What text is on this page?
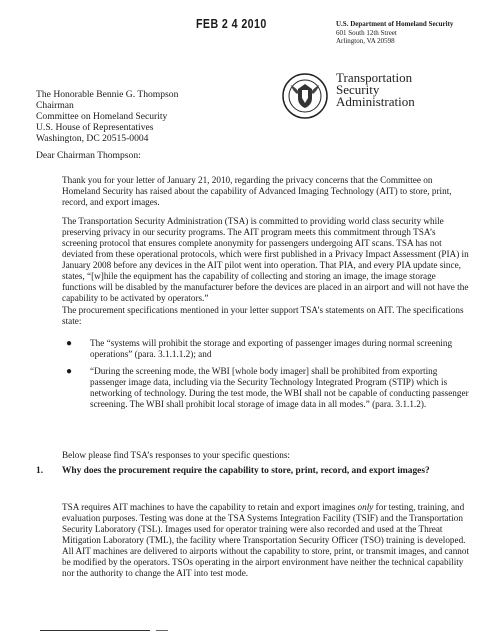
FEB 2 4 2010	U.S. Department of Homeland Security
601 South 12th Street
Arlington, VA 20598
Transportation
Security
Administration
The Honorable Bennie G. Thompson
Chairman
Committee on Homeland Security
U.S. House of Representatives
Washington, DC 20515-0004
Dear Chairman Thompson:

Thank you for your letter of January 21, 2010, regarding the privacy concerns that the Committee on Homeland Security has raised about the capability of Advanced Imaging Technology (AIT) to store, print, record, and export images.

The Transportation Security Administration (TSA) is committed to providing world class security while preserving privacy in our security programs. The AIT program meets this commitment through TSA’s screening protocol that ensures complete anonymity for passengers undergoing AIT scans. TSA has not deviated from these operational protocols, which were first published in a Privacy Impact Assessment (PIA) in January 2008 before any devices in the AIT pilot went into operation. That PIA, and every PIA update since, states, “[w]hile the equipment has the capability of collecting and storing an image, the image storage functions will be disabled by the manufacturer before the devices are placed in an airport and will not have the capability to be activated by operators.”

The procurement specifications mentioned in your letter support TSA’s statements on AIT. The specifications state:

● The “systems will prohibit the storage and exporting of passenger images during normal screening operations” (para. 3.1.1.1.2); and
● “During the screening mode, the WBI [whole body imager] shall be prohibited from exporting passenger image data, including via the Security Technology Integrated Program (STIP) which is networking of technology. During the test mode, the WBI shall not be capable of conducting passenger screening. The WBI shall prohibit local storage of image data in all modes.” (para. 3.1.1.2).

Below please find TSA’s responses to your specific questions:

1.	Why does the procurement require the capability to store, print, record, and export images?

TSA requires AIT machines to have the capability to retain and export imagines only for testing, training, and evaluation purposes. Testing was done at the TSA Systems Integration Facility (TSIF) and the Transportation Security Laboratory (TSL). Images used for operator training were also recorded and used at the Threat Mitigation Laboratory (TML), the facility where Transportation Security Officer (TSO) training is developed. All AIT machines are delivered to airports without the capability to store, print, or transmit images, and cannot be modified by the operators. TSOs operating in the airport environment have neither the technical capability nor the authority to change the AIT into test mode.
